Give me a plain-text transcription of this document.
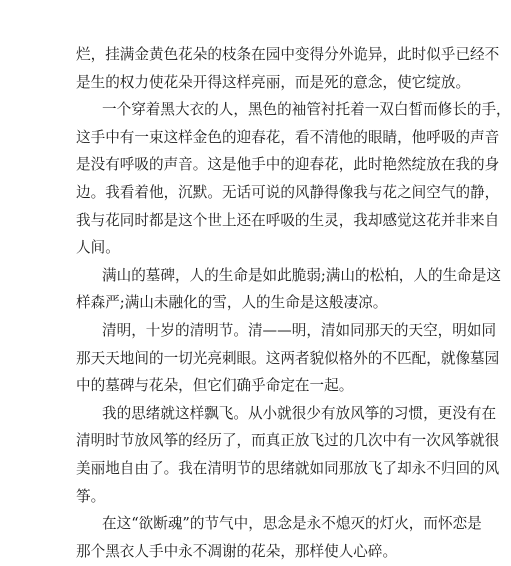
烂，挂满金黄色花朵的枝条在园中变得分外诡异，此时似乎已经不
是生的权力使花朵开得这样亮丽，而是死的意念，使它绽放。
一个穿着黑大衣的人，黑色的袖管衬托着一双白皙而修长的手，
这手中有一束这样金色的迎春花，看不清他的眼睛，他呼吸的声音
是没有呼吸的声音。这是他手中的迎春花，此时艳然绽放在我的身
边。我看着他，沉默。无话可说的风静得像我与花之间空气的静，
我与花同时都是这个世上还在呼吸的生灵，我却感觉这花并非来自
人间。
满山的墓碑，人的生命是如此脆弱;满山的松柏，人的生命是这
样森严;满山未融化的雪，人的生命是这般凄凉。
清明，十岁的清明节。清——明，清如同那天的天空，明如同
那天天地间的一切光亮刺眼。这两者貌似格外的不匹配，就像墓园
中的墓碑与花朵，但它们确乎命定在一起。
我的思绪就这样飘飞。从小就很少有放风筝的习惯，更没有在
清明时节放风筝的经历了，而真正放飞过的几次中有一次风筝就很
美丽地自由了。我在清明节的思绪就如同那放飞了却永不归回的风
筝。
在这“欲断魂”的节气中，思念是永不熄灭的灯火，而怀恋是
那个黑衣人手中永不凋谢的花朵，那样使人心碎。
